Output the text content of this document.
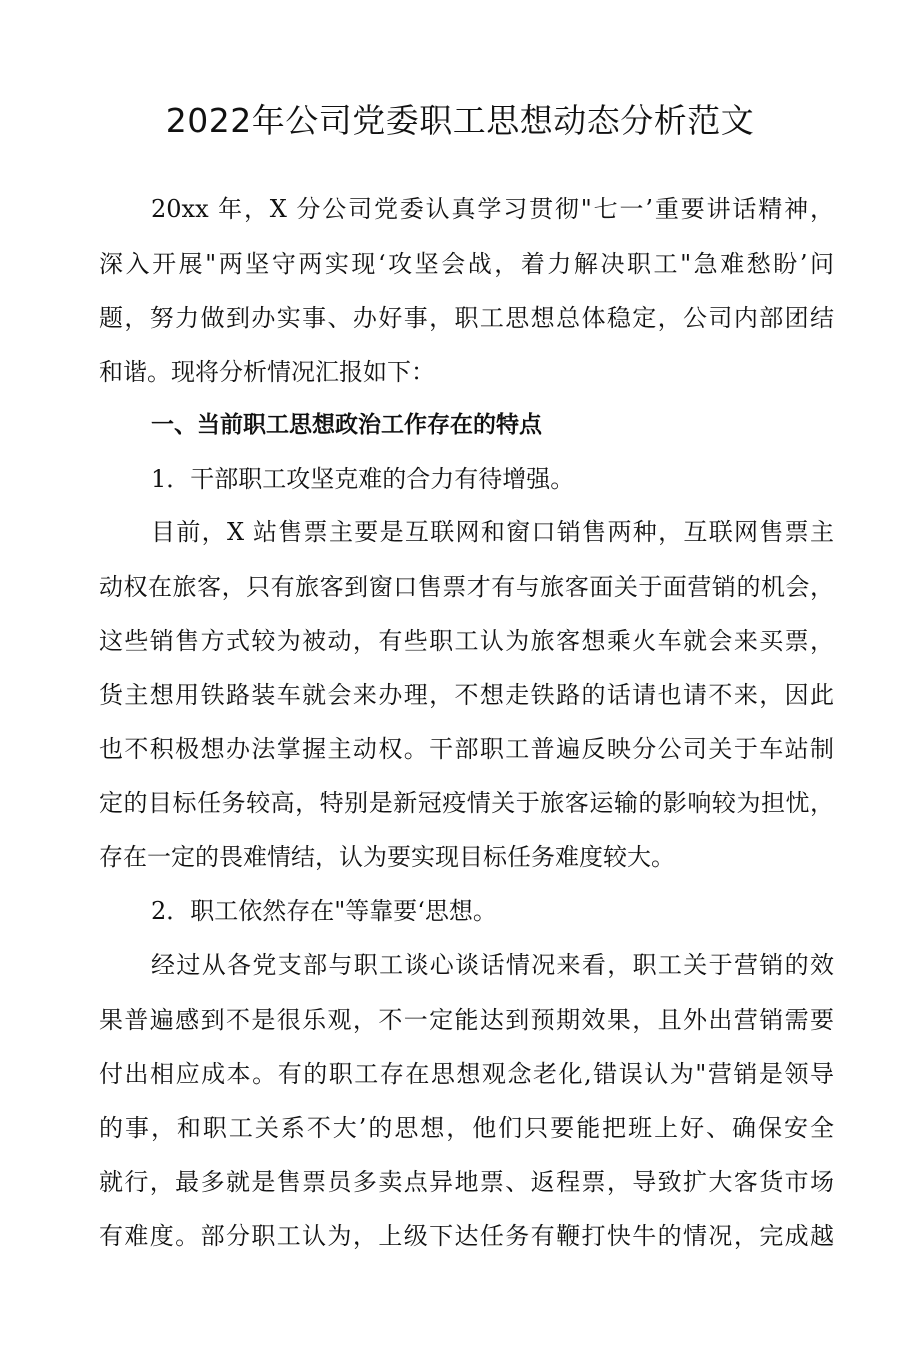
2022年公司党委职工思想动态分析范文
20xx 年，X 分公司党委认真学习贯彻"七一’重要讲话精神，
深入开展"两坚守两实现‘攻坚会战，着力解决职工"急难愁盼’问
题，努力做到办实事、办好事，职工思想总体稳定，公司内部团结
和谐。现将分析情况汇报如下：
一、当前职工思想政治工作存在的特点
1．干部职工攻坚克难的合力有待增强。
目前，X 站售票主要是互联网和窗口销售两种，互联网售票主
动权在旅客，只有旅客到窗口售票才有与旅客面关于面营销的机会，
这些销售方式较为被动，有些职工认为旅客想乘火车就会来买票，
货主想用铁路装车就会来办理，不想走铁路的话请也请不来，因此
也不积极想办法掌握主动权。干部职工普遍反映分公司关于车站制
定的目标任务较高，特别是新冠疫情关于旅客运输的影响较为担忧，
存在一定的畏难情结，认为要实现目标任务难度较大。
2．职工依然存在"等靠要‘思想。
经过从各党支部与职工谈心谈话情况来看，职工关于营销的效
果普遍感到不是很乐观，不一定能达到预期效果，且外出营销需要
付出相应成本。有的职工存在思想观念老化,错误认为"营销是领导
的事，和职工关系不大’的思想，他们只要能把班上好、确保安全
就行，最多就是售票员多卖点异地票、返程票，导致扩大客货市场
有难度。部分职工认为，上级下达任务有鞭打快牛的情况，完成越
